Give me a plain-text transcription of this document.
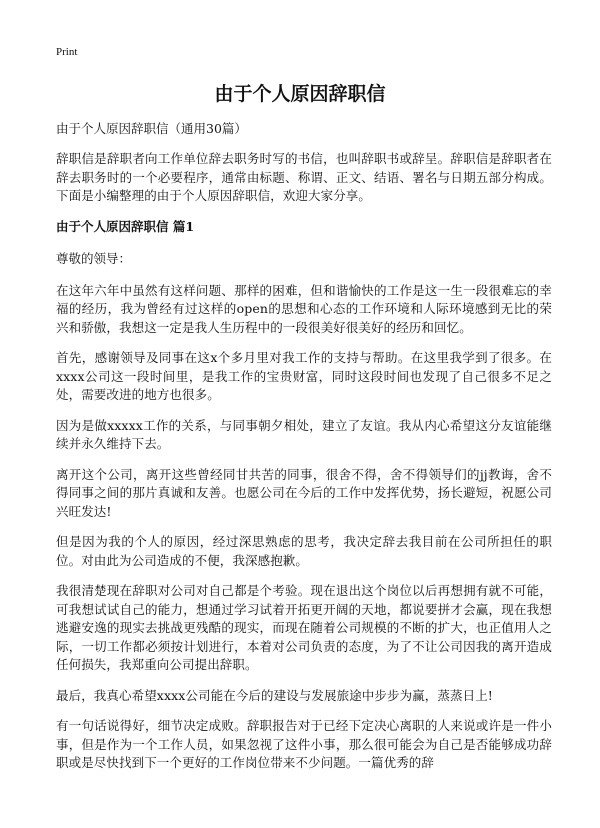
Print
由于个人原因辞职信
由于个人原因辞职信（通用30篇）

辞职信是辞职者向工作单位辞去职务时写的书信，也叫辞职书或辞呈。辞职信是辞职者在辞去职务时的一个必要程序，通常由标题、称谓、正文、结语、署名与日期五部分构成。下面是小编整理的由于个人原因辞职信，欢迎大家分享。

由于个人原因辞职信 篇1
尊敬的领导：

在这年六年中虽然有这样问题、那样的困难，但和谐愉快的工作是这一生一段很难忘的幸福的经历，我为曾经有过这样的open的思想和心态的工作环境和人际环境感到无比的荣兴和骄傲，我想这一定是我人生历程中的一段很美好很美好的经历和回忆。

首先，感谢领导及同事在这x个多月里对我工作的支持与帮助。在这里我学到了很多。在xxxx公司这一段时间里，是我工作的宝贵财富，同时这段时间也发现了自己很多不足之处，需要改进的地方也很多。

因为是做xxxxx工作的关系，与同事朝夕相处，建立了友谊。我从内心希望这分友谊能继续并永久维持下去。

离开这个公司，离开这些曾经同甘共苦的同事，很舍不得，舍不得领导们的jj教诲，舍不得同事之间的那片真诚和友善。也愿公司在今后的工作中发挥优势，扬长避短，祝愿公司兴旺发达!

但是因为我的个人的原因，经过深思熟虑的思考，我决定辞去我目前在公司所担任的职位。对由此为公司造成的不便，我深感抱歉。

我很清楚现在辞职对公司对自己都是个考验。现在退出这个岗位以后再想拥有就不可能，可我想试试自己的能力，想通过学习试着开拓更开阔的天地，都说要拼才会赢，现在我想逃避安逸的现实去挑战更残酷的现实，而现在随着公司规模的不断的扩大，也正值用人之际，一切工作都必须按计划进行，本着对公司负责的态度，为了不让公司因我的离开造成任何损失，我郑重向公司提出辞职。

最后，我真心希望xxxx公司能在今后的建设与发展旅途中步步为赢，蒸蒸日上!

有一句话说得好，细节决定成败。辞职报告对于已经下定决心离职的人来说或许是一件小事，但是作为一个工作人员，如果忽视了这件小事，那么很可能会为自己是否能够成功辞职或是尽快找到下一个更好的工作岗位带来不少问题。一篇优秀的辞
